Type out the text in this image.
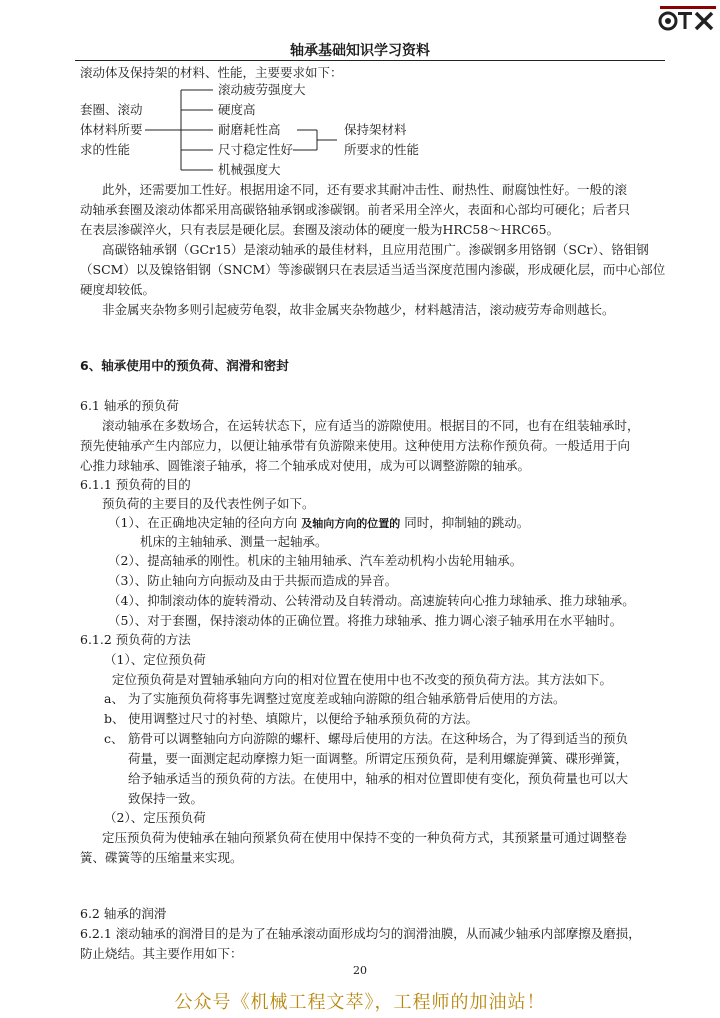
轴承基础知识学习资料
滚动体及保持架的材料、性能，主要要求如下：
套圈、滚动
体材料所要
求的性能
滚动疲劳强度大
硬度高
耐磨耗性高
尺寸稳定性好
机械强度大
保持架材料
所要求的性能
此外，还需要加工性好。根据用途不同，还有要求其耐冲击性、耐热性、耐腐蚀性好。一般的滚
动轴承套圈及滚动体都采用高碳铬轴承钢或渗碳钢。前者采用全淬火，表面和心部均可硬化；后者只
在表层渗碳淬火，只有表层是硬化层。套圈及滚动体的硬度一般为HRC58～HRC65。
高碳铬轴承钢（GCr15）是滚动轴承的最佳材料，且应用范围广。渗碳钢多用铬钢（SCr）、铬钼钢
（SCM）以及镍铬钼钢（SNCM）等渗碳钢只在表层适当适当深度范围内渗碳，形成硬化层，而中心部位
硬度却较低。
非金属夹杂物多则引起疲劳龟裂，故非金属夹杂物越少，材料越清洁，滚动疲劳寿命则越长。
6、轴承使用中的预负荷、润滑和密封
6.1 轴承的预负荷
滚动轴承在多数场合，在运转状态下，应有适当的游隙使用。根据目的不同，也有在组装轴承时，
预先使轴承产生内部应力，以便让轴承带有负游隙来使用。这种使用方法称作预负荷。一般适用于向
心推力球轴承、圆锥滚子轴承，将二个轴承成对使用，成为可以调整游隙的轴承。
6.1.1 预负荷的目的
预负荷的主要目的及代表性例子如下。
（1）、在正确地决定轴的径向方向 及轴向方向的位置的 同时，抑制轴的跳动。
机床的主轴轴承、测量一起轴承。
（2）、提高轴承的刚性。机床的主轴用轴承、汽车差动机构小齿轮用轴承。
（3）、防止轴向方向振动及由于共振而造成的异音。
（4）、抑制滚动体的旋转滑动、公转滑动及自转滑动。高速旋转向心推力球轴承、推力球轴承。
（5）、对于套圈，保持滚动体的正确位置。将推力球轴承、推力调心滚子轴承用在水平轴时。
6.1.2 预负荷的方法
（1）、定位预负荷
定位预负荷是对置轴承轴向方向的相对位置在使用中也不改变的预负荷方法。其方法如下。
a、 为了实施预负荷将事先调整过宽度差或轴向游隙的组合轴承筋骨后使用的方法。
b、 使用调整过尺寸的衬垫、填隙片，以便给予轴承预负荷的方法。
c、 筋骨可以调整轴向方向游隙的螺杆、螺母后使用的方法。在这种场合，为了得到适当的预负
荷量，要一面测定起动摩擦力矩一面调整。所谓定压预负荷，是利用螺旋弹簧、碟形弹簧，
给予轴承适当的预负荷的方法。在使用中，轴承的相对位置即使有变化，预负荷量也可以大
致保持一致。
（2）、定压预负荷
定压预负荷为使轴承在轴向预紧负荷在使用中保持不变的一种负荷方式，其预紧量可通过调整卷
簧、碟簧等的压缩量来实现。
6.2 轴承的润滑
6.2.1 滚动轴承的润滑目的是为了在轴承滚动面形成均匀的润滑油膜，从而减少轴承内部摩擦及磨损，
防止烧结。其主要作用如下：
20
公众号《机械工程文萃》，工程师的加油站！
